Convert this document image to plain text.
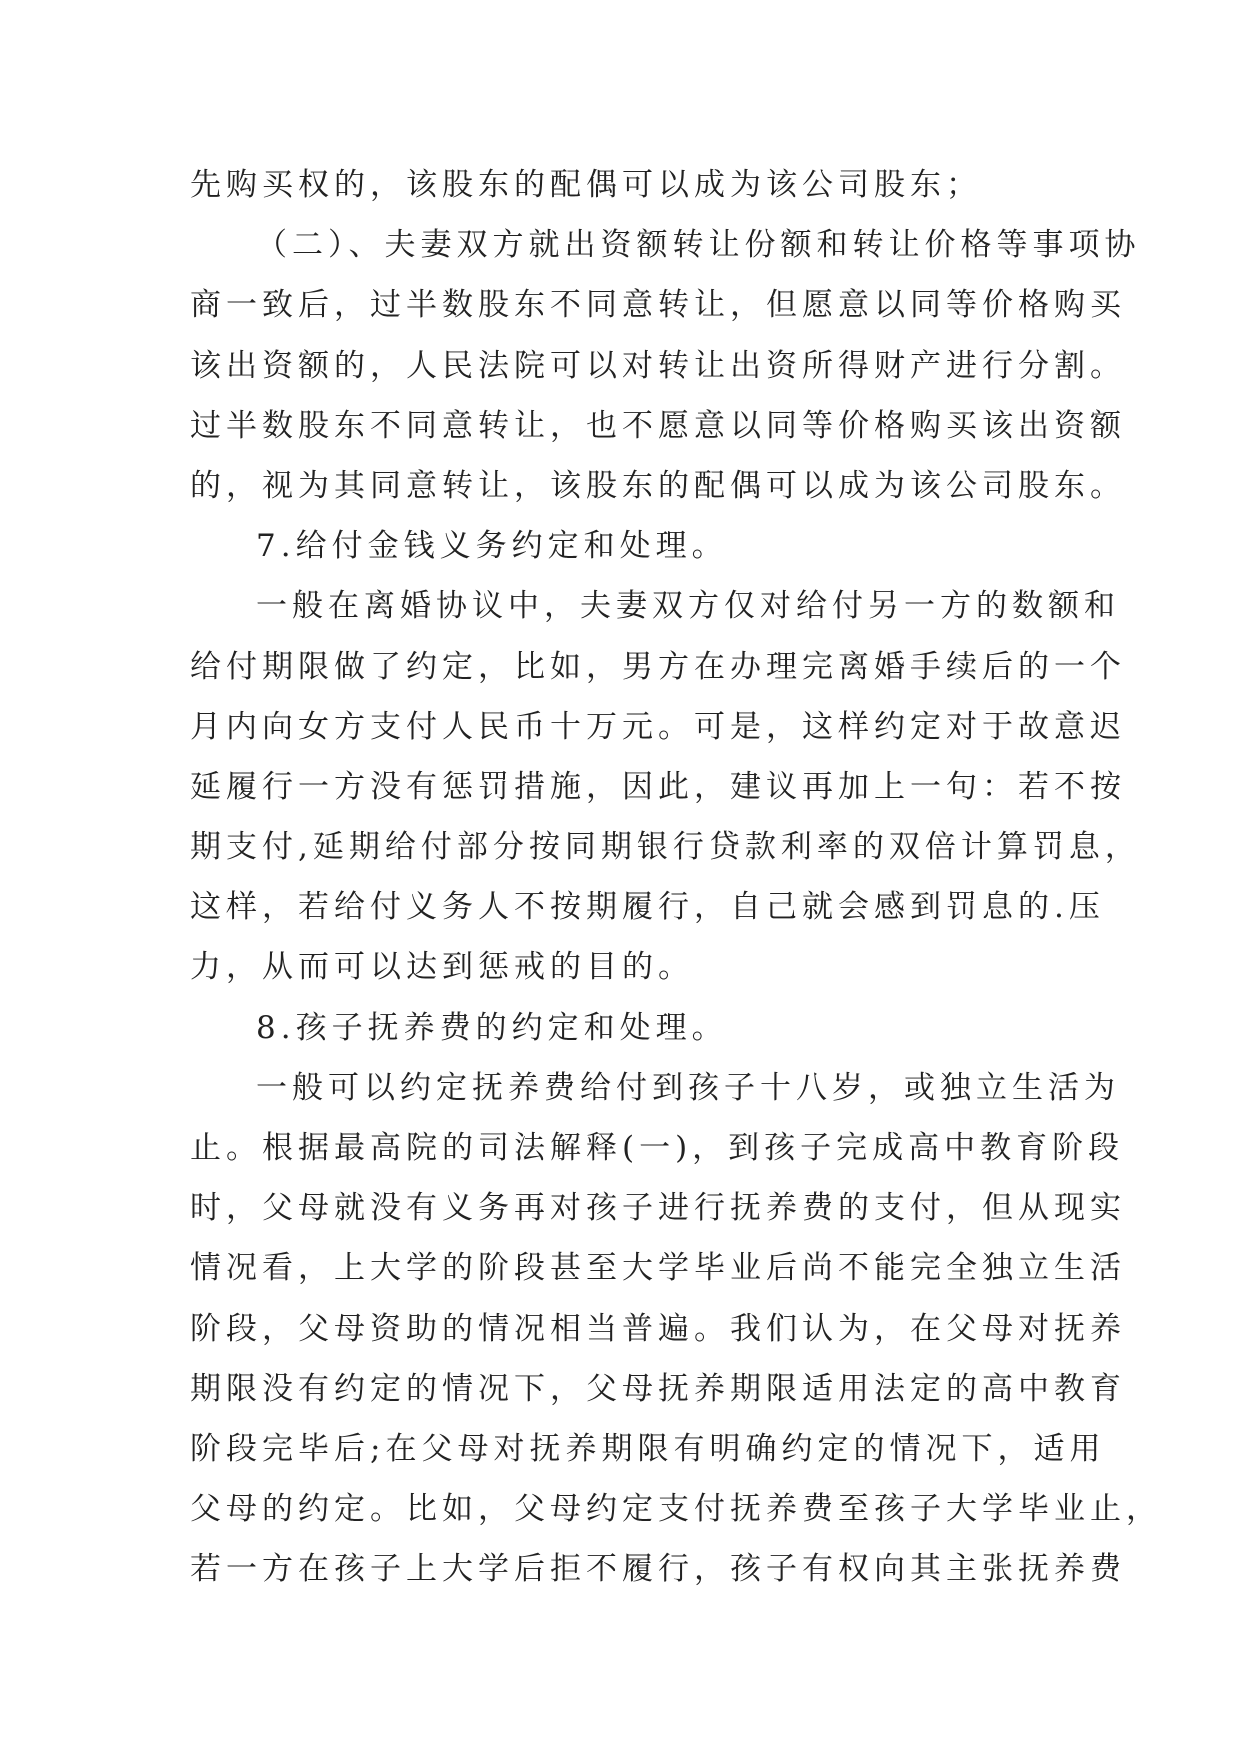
先购买权的，该股东的配偶可以成为该公司股东；
（二）、夫妻双方就出资额转让份额和转让价格等事项协
商一致后，过半数股东不同意转让，但愿意以同等价格购买
该出资额的，人民法院可以对转让出资所得财产进行分割。
过半数股东不同意转让，也不愿意以同等价格购买该出资额
的，视为其同意转让，该股东的配偶可以成为该公司股东。
7.给付金钱义务约定和处理。
一般在离婚协议中，夫妻双方仅对给付另一方的数额和
给付期限做了约定，比如，男方在办理完离婚手续后的一个
月内向女方支付人民币十万元。可是，这样约定对于故意迟
延履行一方没有惩罚措施，因此，建议再加上一句：若不按
期支付,延期给付部分按同期银行贷款利率的双倍计算罚息，
这样，若给付义务人不按期履行，自己就会感到罚息的.压
力，从而可以达到惩戒的目的。
8.孩子抚养费的约定和处理。
一般可以约定抚养费给付到孩子十八岁，或独立生活为
止。根据最高院的司法解释(一)，到孩子完成高中教育阶段
时，父母就没有义务再对孩子进行抚养费的支付，但从现实
情况看，上大学的阶段甚至大学毕业后尚不能完全独立生活
阶段，父母资助的情况相当普遍。我们认为，在父母对抚养
期限没有约定的情况下，父母抚养期限适用法定的高中教育
阶段完毕后;在父母对抚养期限有明确约定的情况下，适用
父母的约定。比如，父母约定支付抚养费至孩子大学毕业止，
若一方在孩子上大学后拒不履行，孩子有权向其主张抚养费
